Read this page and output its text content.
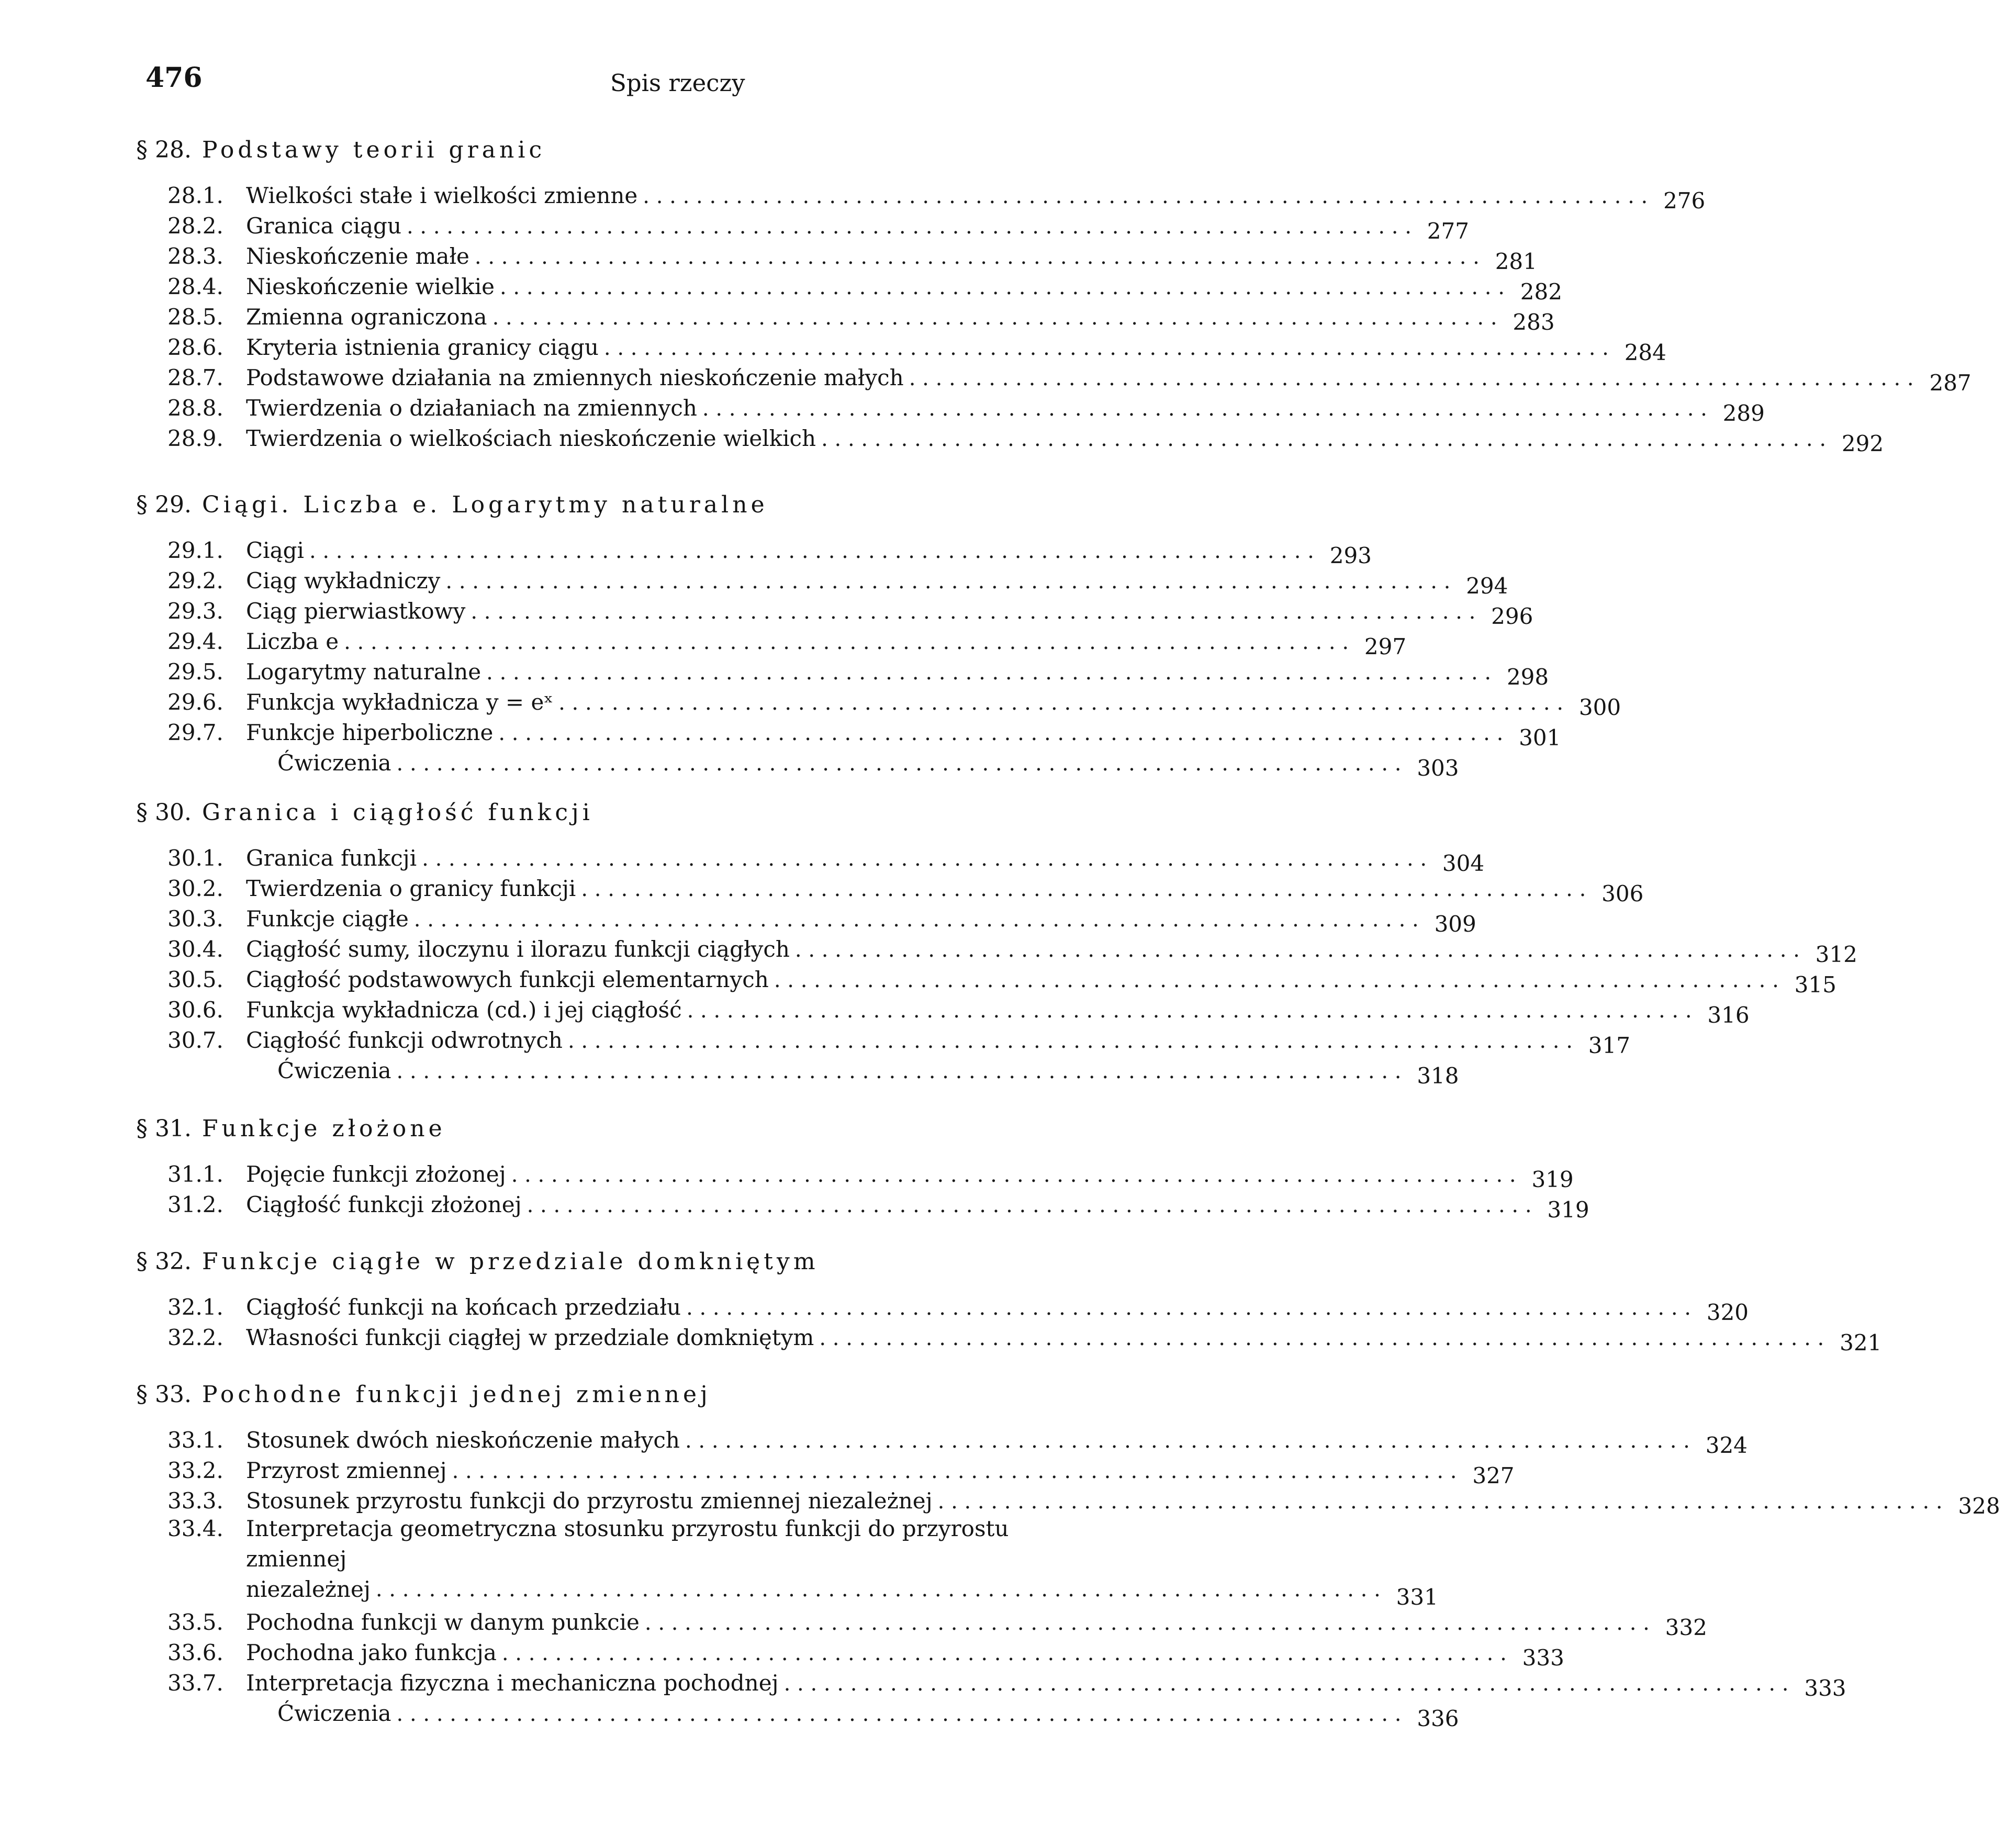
476	Spis rzeczy
§ 28. Podstawy teorii granic
28.1.	Wielkości stałe i wielkości zmienne . . .	276
28.2.	Granica ciągu . . .	277
28.3.	Nieskończenie małe . . .	281
28.4.	Nieskończenie wielkie . . .	282
28.5.	Zmienna ograniczona . . .	283
28.6.	Kryteria istnienia granicy ciągu . . .	284
28.7.	Podstawowe działania na zmiennych nieskończenie małych . . .	287
28.8.	Twierdzenia o działaniach na zmiennych . . .	289
28.9.	Twierdzenia o wielkościach nieskończenie wielkich . . .	292
§ 29. Ciągi. Liczba e. Logarytmy naturalne
29.1.	Ciągi . . .	293
29.2.	Ciąg wykładniczy . . .	294
29.3.	Ciąg pierwiastkowy . . .	296
29.4.	Liczba e . . .	297
29.5.	Logarytmy naturalne . . .	298
29.6.	Funkcja wykładnicza y = eˣ . . .	300
29.7.	Funkcje hiperboliczne . . .	301
Ćwiczenia . . .	303
§ 30. Granica i ciągłość funkcji
30.1.	Granica funkcji . . .	304
30.2.	Twierdzenia o granicy funkcji . . .	306
30.3.	Funkcje ciągłe . . .	309
30.4.	Ciągłość sumy, iloczynu i ilorazu funkcji ciągłych . . .	312
30.5.	Ciągłość podstawowych funkcji elementarnych . . .	315
30.6.	Funkcja wykładnicza (cd.) i jej ciągłość . . .	316
30.7.	Ciągłość funkcji odwrotnych . . .	317
Ćwiczenia . . .	318
§ 31. Funkcje złożone
31.1.	Pojęcie funkcji złożonej . . .	319
31.2.	Ciągłość funkcji złożonej . . .	319
§ 32. Funkcje ciągłe w przedziale domkniętym
32.1.	Ciągłość funkcji na końcach przedziału . . .	320
32.2.	Własności funkcji ciągłej w przedziale domkniętym . . .	321
§ 33. Pochodne funkcji jednej zmiennej
33.1.	Stosunek dwóch nieskończenie małych . . .	324
33.2.	Przyrost zmiennej . . .	327
33.3.	Stosunek przyrostu funkcji do przyrostu zmiennej niezależnej . . .	328
33.4.	Interpretacja geometryczna stosunku przyrostu funkcji do przyrostu

zmiennej niezależnej . . .	331
33.5.	Pochodna funkcji w danym punkcie . . .	332
33.6.	Pochodna jako funkcja . . .	333
33.7.	Interpretacja fizyczna i mechaniczna pochodnej . . .	333
Ćwiczenia . . .	336
